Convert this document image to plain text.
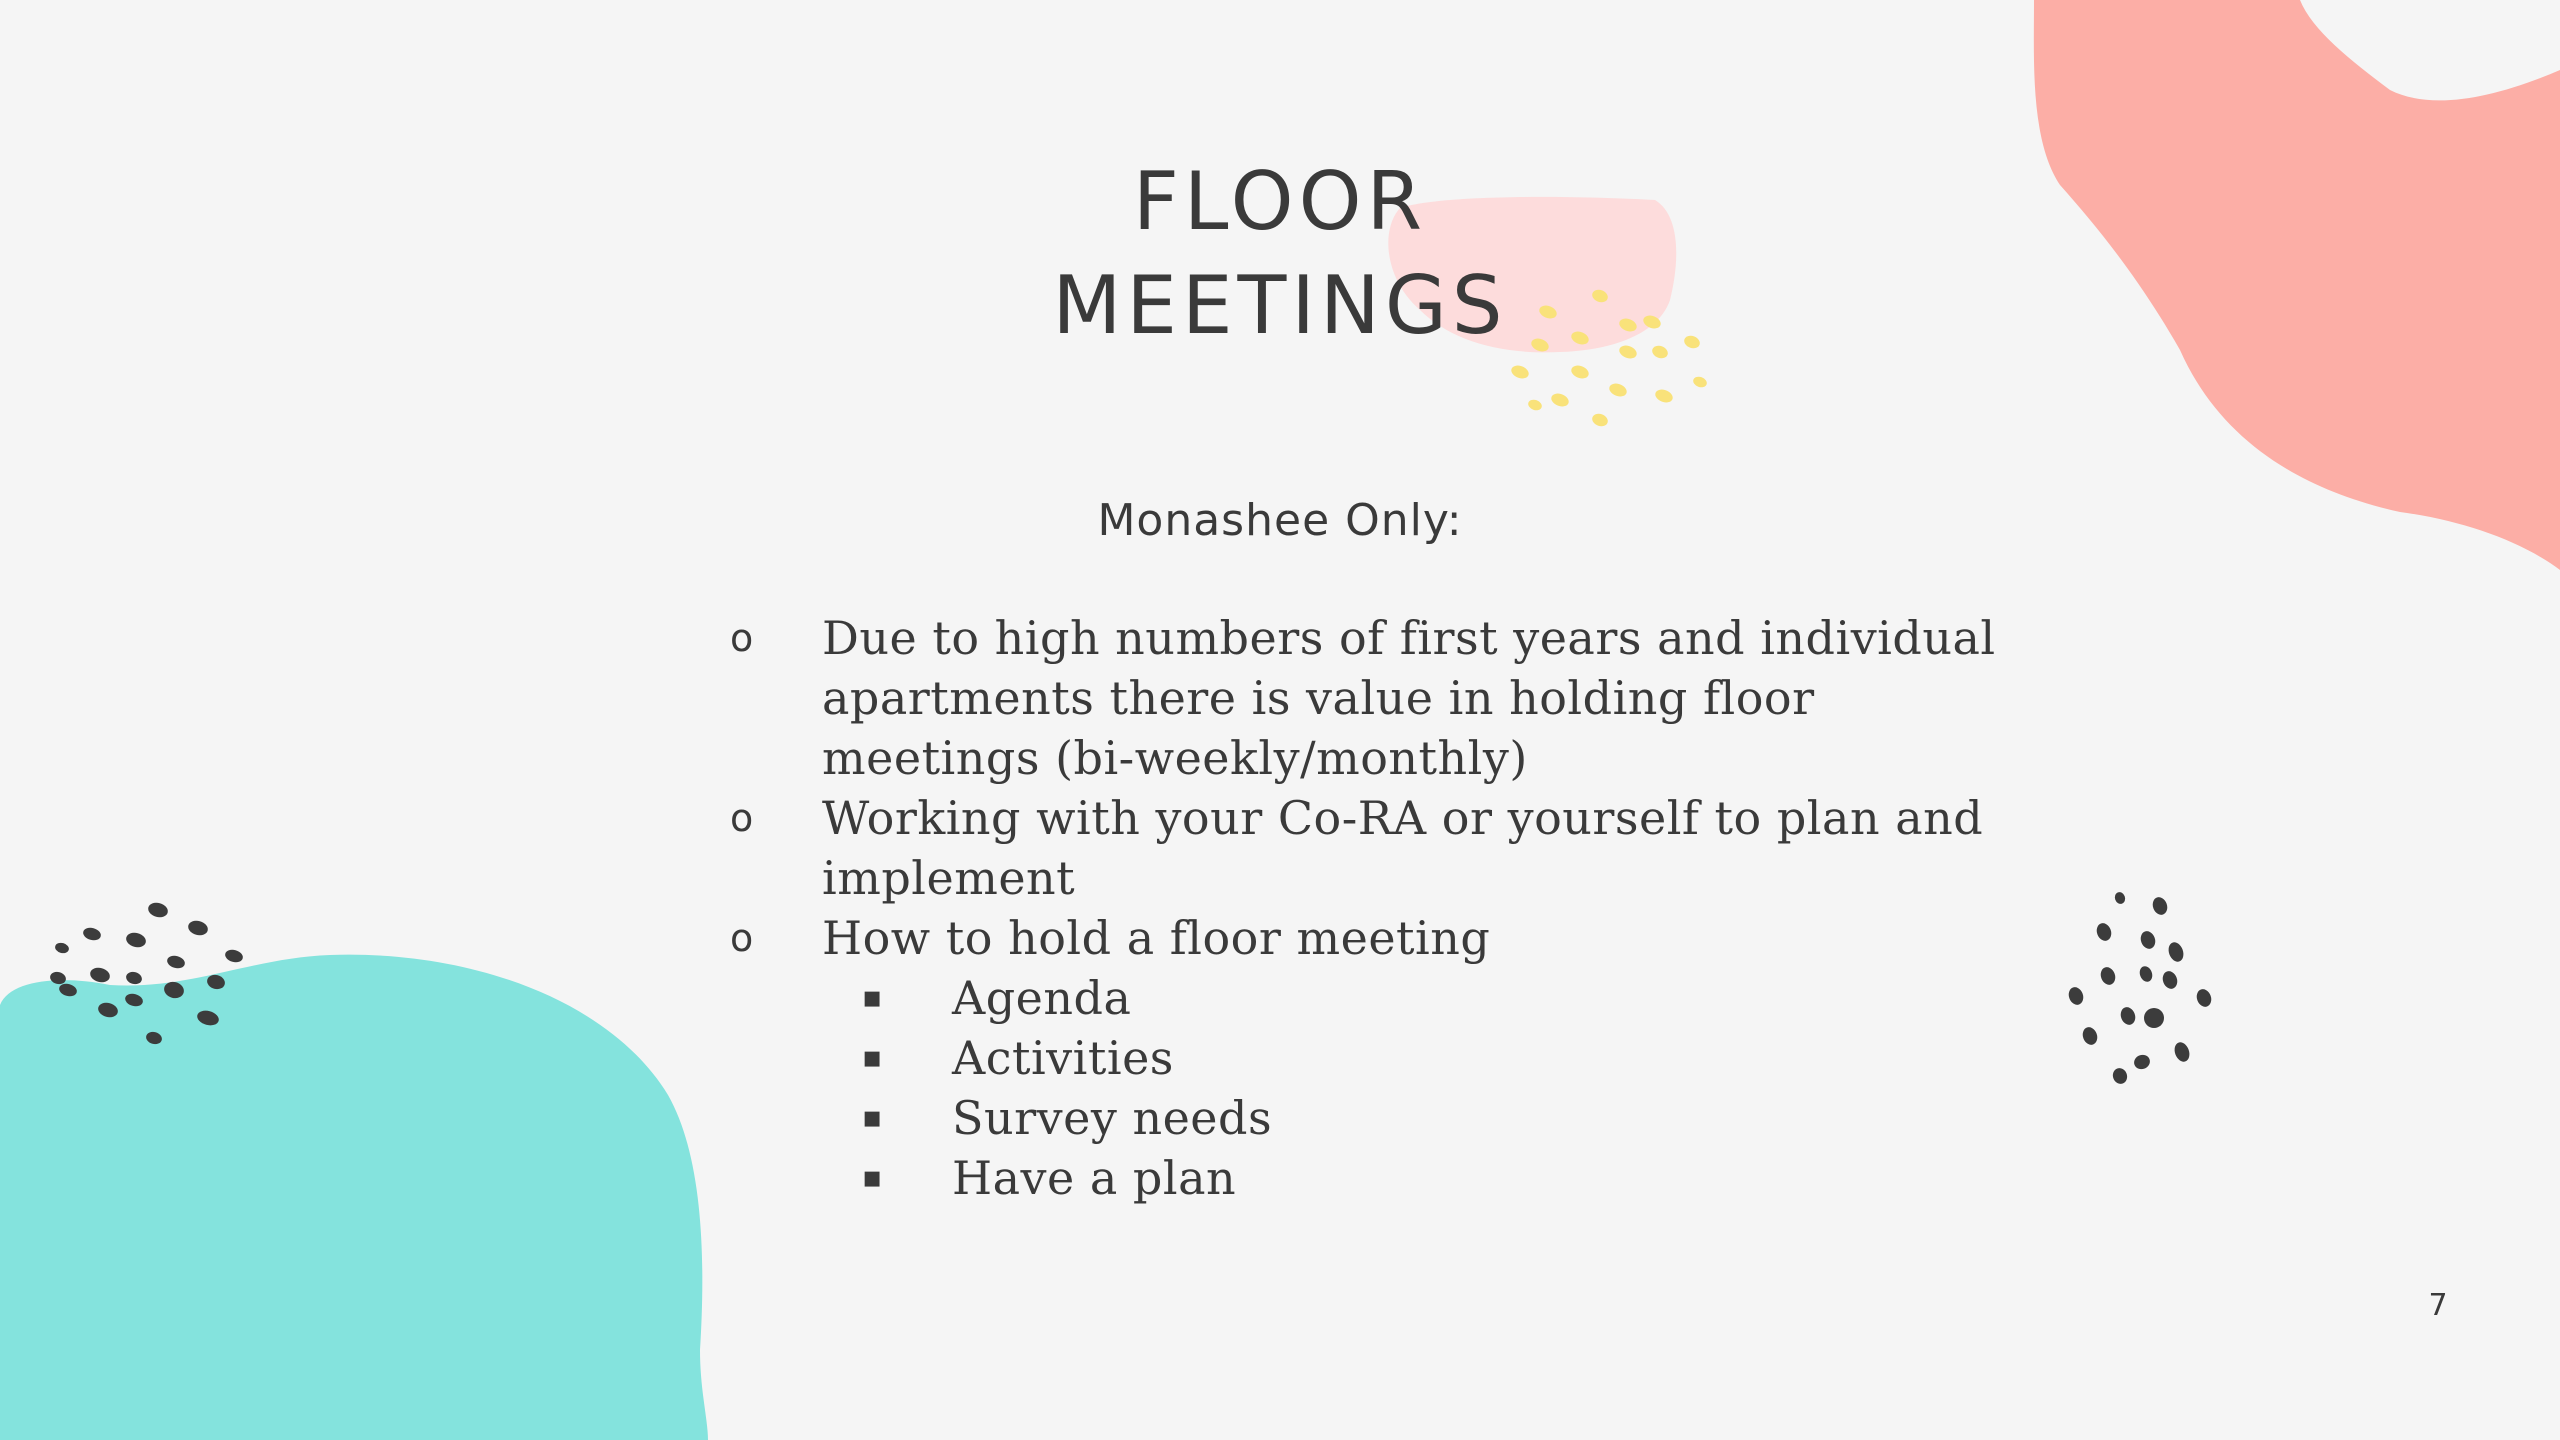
FLOOR
MEETINGS
Monashee Only:
o Due to high numbers of first years and individual apartments there is value in holding floor meetings (bi-weekly/monthly)
o Working with your Co-RA or yourself to plan and implement
o How to hold a floor meeting
▪ Agenda
▪ Activities
▪ Survey needs
▪ Have a plan
7
